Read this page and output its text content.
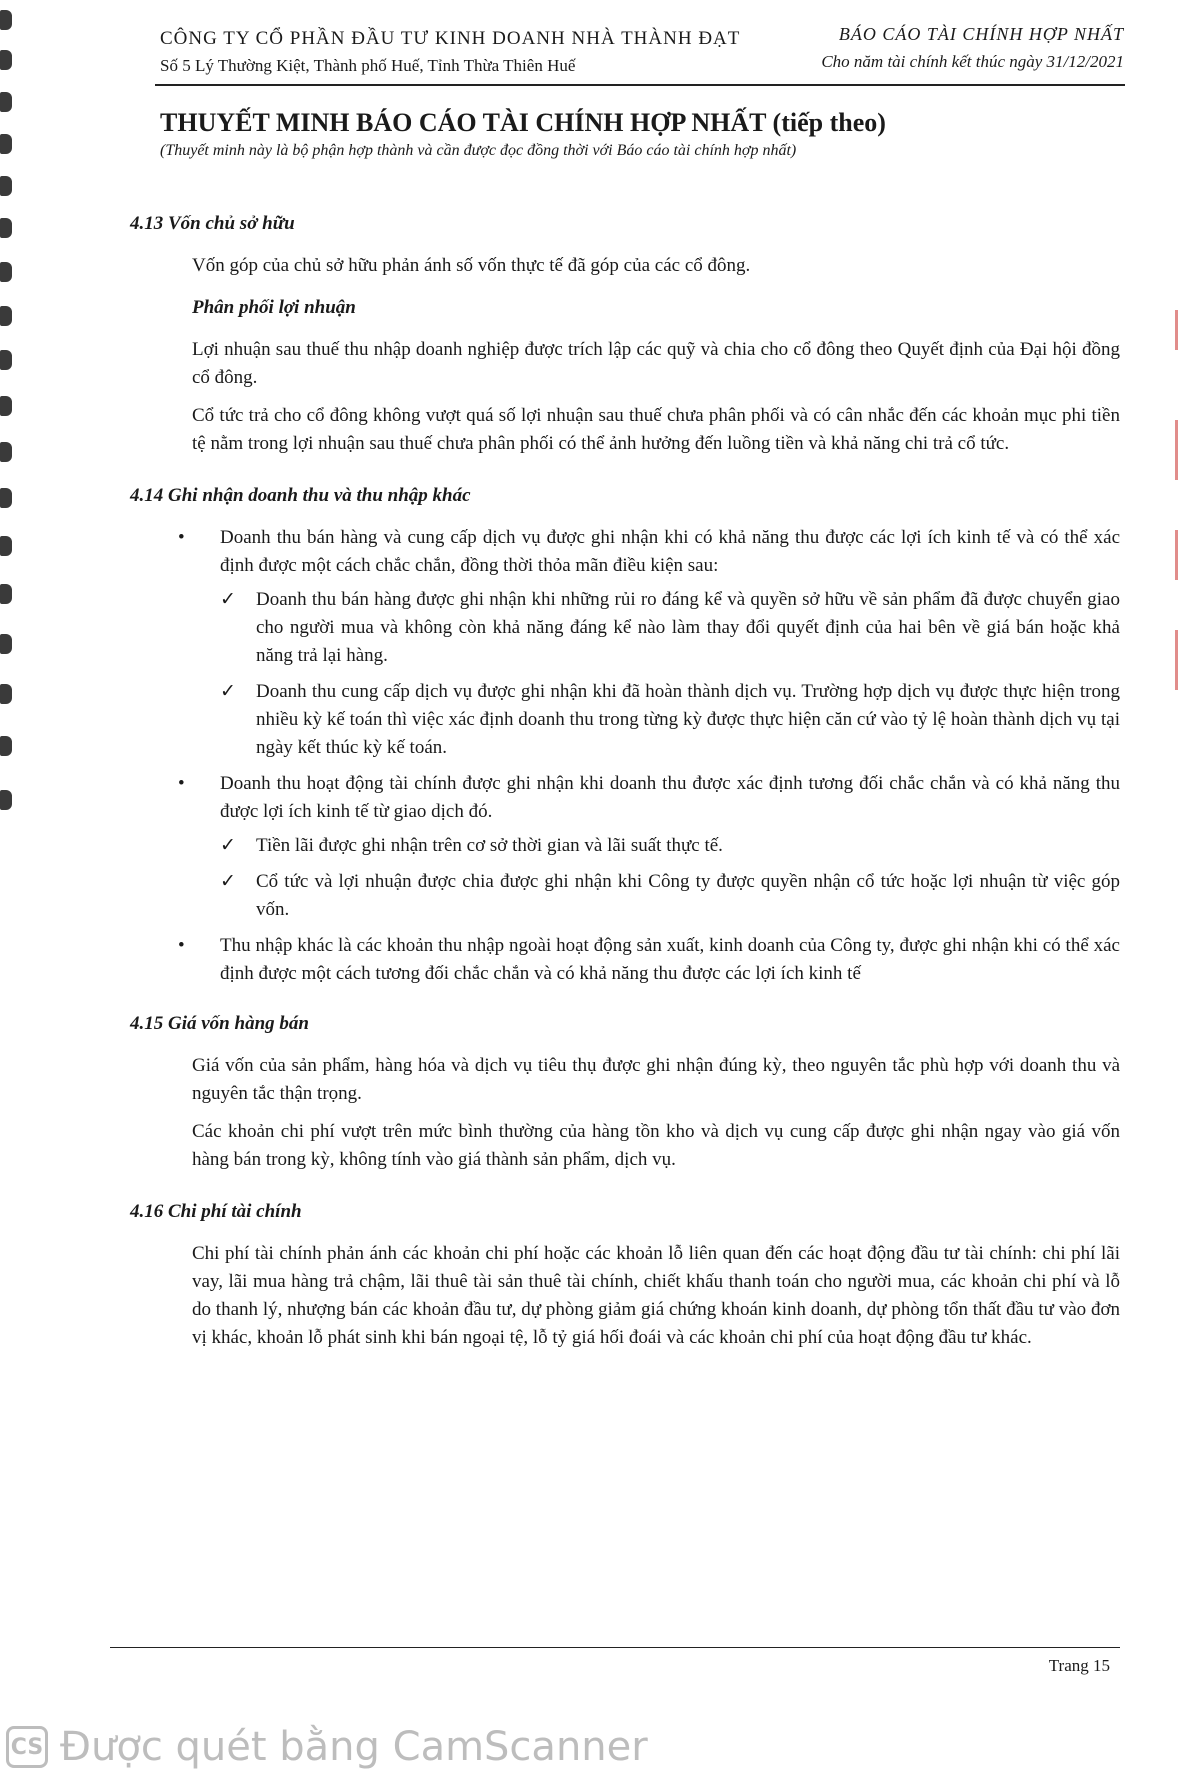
CÔNG TY CỔ PHẦN ĐẦU TƯ KINH DOANH NHÀ THÀNH ĐẠT
Số 5 Lý Thường Kiệt, Thành phố Huế, Tỉnh Thừa Thiên Huế
BÁO CÁO TÀI CHÍNH HỢP NHẤT
Cho năm tài chính kết thúc ngày 31/12/2021
THUYẾT MINH BÁO CÁO TÀI CHÍNH HỢP NHẤT (tiếp theo)
(Thuyết minh này là bộ phận hợp thành và cần được đọc đồng thời với Báo cáo tài chính hợp nhất)
4.13 Vốn chủ sở hữu
Vốn góp của chủ sở hữu phản ánh số vốn thực tế đã góp của các cổ đông.
Phân phối lợi nhuận
Lợi nhuận sau thuế thu nhập doanh nghiệp được trích lập các quỹ và chia cho cổ đông theo Quyết định của Đại hội đồng cổ đông.
Cổ tức trả cho cổ đông không vượt quá số lợi nhuận sau thuế chưa phân phối và có cân nhắc đến các khoản mục phi tiền tệ nằm trong lợi nhuận sau thuế chưa phân phối có thể ảnh hưởng đến luồng tiền và khả năng chi trả cổ tức.
4.14 Ghi nhận doanh thu và thu nhập khác
• Doanh thu bán hàng và cung cấp dịch vụ được ghi nhận khi có khả năng thu được các lợi ích kinh tế và có thể xác định được một cách chắc chắn, đồng thời thỏa mãn điều kiện sau:
✓ Doanh thu bán hàng được ghi nhận khi những rủi ro đáng kể và quyền sở hữu về sản phẩm đã được chuyển giao cho người mua và không còn khả năng đáng kể nào làm thay đổi quyết định của hai bên về giá bán hoặc khả năng trả lại hàng.
✓ Doanh thu cung cấp dịch vụ được ghi nhận khi đã hoàn thành dịch vụ. Trường hợp dịch vụ được thực hiện trong nhiều kỳ kế toán thì việc xác định doanh thu trong từng kỳ được thực hiện căn cứ vào tỷ lệ hoàn thành dịch vụ tại ngày kết thúc kỳ kế toán.
• Doanh thu hoạt động tài chính được ghi nhận khi doanh thu được xác định tương đối chắc chắn và có khả năng thu được lợi ích kinh tế từ giao dịch đó.
✓ Tiền lãi được ghi nhận trên cơ sở thời gian và lãi suất thực tế.
✓ Cổ tức và lợi nhuận được chia được ghi nhận khi Công ty được quyền nhận cổ tức hoặc lợi nhuận từ việc góp vốn.
• Thu nhập khác là các khoản thu nhập ngoài hoạt động sản xuất, kinh doanh của Công ty, được ghi nhận khi có thể xác định được một cách tương đối chắc chắn và có khả năng thu được các lợi ích kinh tế
4.15 Giá vốn hàng bán
Giá vốn của sản phẩm, hàng hóa và dịch vụ tiêu thụ được ghi nhận đúng kỳ, theo nguyên tắc phù hợp với doanh thu và nguyên tắc thận trọng.
Các khoản chi phí vượt trên mức bình thường của hàng tồn kho và dịch vụ cung cấp được ghi nhận ngay vào giá vốn hàng bán trong kỳ, không tính vào giá thành sản phẩm, dịch vụ.
4.16 Chi phí tài chính
Chi phí tài chính phản ánh các khoản chi phí hoặc các khoản lỗ liên quan đến các hoạt động đầu tư tài chính: chi phí lãi vay, lãi mua hàng trả chậm, lãi thuê tài sản thuê tài chính, chiết khấu thanh toán cho người mua, các khoản chi phí và lỗ do thanh lý, nhượng bán các khoản đầu tư, dự phòng giảm giá chứng khoán kinh doanh, dự phòng tổn thất đầu tư vào đơn vị khác, khoản lỗ phát sinh khi bán ngoại tệ, lỗ tỷ giá hối đoái và các khoản chi phí của hoạt động đầu tư khác.
Trang 15
CS Được quét bằng CamScanner
